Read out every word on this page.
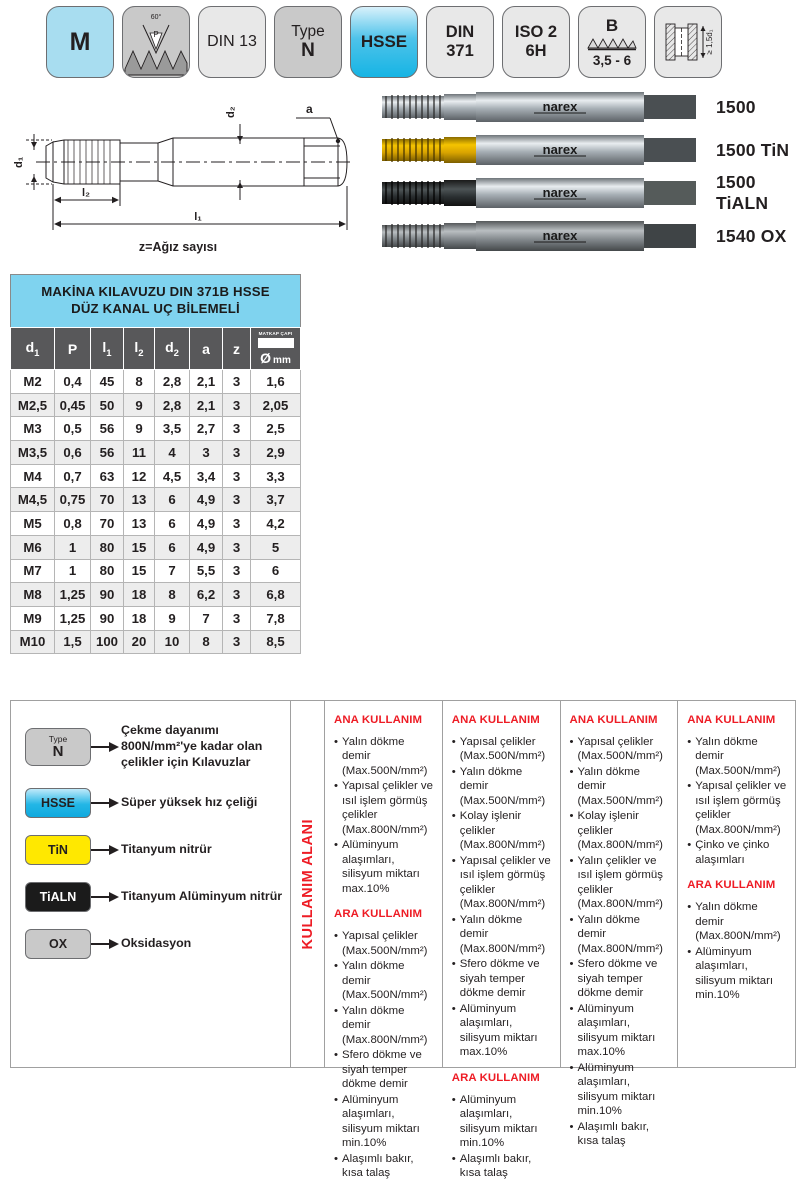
M
60°
P	DIN 13
Type
N	HSSE
DIN
371
ISO 2
6H
B
3,5 - 6
≥ 1,5d₁
d₁
d₂	a
l₂
l₁
z=Ağız sayısı
narex	1500
narex	1500 TiN
narex
1500 TiALN
narex	1540 OX
MAKİNA KILAVUZU DIN 371B HSSE
DÜZ KANAL UÇ BİLEMELİ
$d_1$	P	$l_1$	$l_2$	$d_2$	a	z	MATKAP ÇAPI
Ø mm

M2	0,4	45	8	2,8	2,1	3	1,6
M2,5	0,45	50	9	2,8	2,1	3	2,05
M3	0,5	56	9	3,5	2,7	3	2,5
M3,5	0,6	56	11	4	3	3	2,9
M4	0,7	63	12	4,5	3,4	3	3,3
M4,5	0,75	70	13	6	4,9	3	3,7
M5	0,8	70	13	6	4,9	3	4,2
M6	1	80	15	6	4,9	3	5
M7	1	80	15	7	5,5	3	6
M8	1,25	90	18	8	6,2	3	6,8
M9	1,25	90	18	9	7	3	7,8
M10	1,5	100	20	10	8	3	8,5
Type
N
Çekme dayanımı 800N/mm²'ye kadar olan çelikler için Kılavuzlar
HSSE	Süper yüksek hız çeliği
TiN	Titanyum nitrür
TiALN	Titanyum Alüminyum nitrür
OX	Oksidasyon	KULLANIM ALANI
ANA KULLANIM
• Yalın dökme demir (Max.500N/mm²)
• Yapısal çelikler ve ısıl işlem görmüş çelikler (Max.800N/mm²)
• Alüminyum alaşımları, silisyum miktarı max.10%
ARA KULLANIM
• Yapısal çelikler (Max.500N/mm²)
• Yalın dökme demir (Max.500N/mm²)
• Yalın dökme demir (Max.800N/mm²)
• Sfero dökme ve siyah temper dökme demir
• Alüminyum alaşımları, silisyum miktarı min.10%
• Alaşımlı bakır, kısa talaş
ANA KULLANIM
• Yapısal çelikler (Max.500N/mm²)
• Yalın dökme demir (Max.500N/mm²)
• Kolay işlenir çelikler (Max.800N/mm²)
• Yapısal çelikler ve ısıl işlem görmüş çelikler (Max.800N/mm²)
• Yalın dökme demir (Max.800N/mm²)
• Sfero dökme ve siyah temper dökme demir
• Alüminyum alaşımları, silisyum miktarı max.10%
ARA KULLANIM
• Alüminyum alaşımları, silisyum miktarı min.10%
• Alaşımlı bakır, kısa talaş
ANA KULLANIM
• Yapısal çelikler (Max.500N/mm²)
• Yalın dökme demir (Max.500N/mm²)
• Kolay işlenir çelikler (Max.800N/mm²)
• Yalın çelikler ve ısıl işlem görmüş çelikler (Max.800N/mm²)
• Yalın dökme demir (Max.800N/mm²)
• Sfero dökme ve siyah temper dökme demir
• Alüminyum alaşımları, silisyum miktarı max.10%
• Alüminyum alaşımları, silisyum miktarı min.10%
• Alaşımlı bakır, kısa talaş
ANA KULLANIM
• Yalın dökme demir (Max.500N/mm²)
• Yapısal çelikler ve ısıl işlem görmüş çelikler (Max.800N/mm²)
• Çinko ve çinko alaşımları
ARA KULLANIM
• Yalın dökme demir (Max.800N/mm²)
• Alüminyum alaşımları, silisyum miktarı min.10%
